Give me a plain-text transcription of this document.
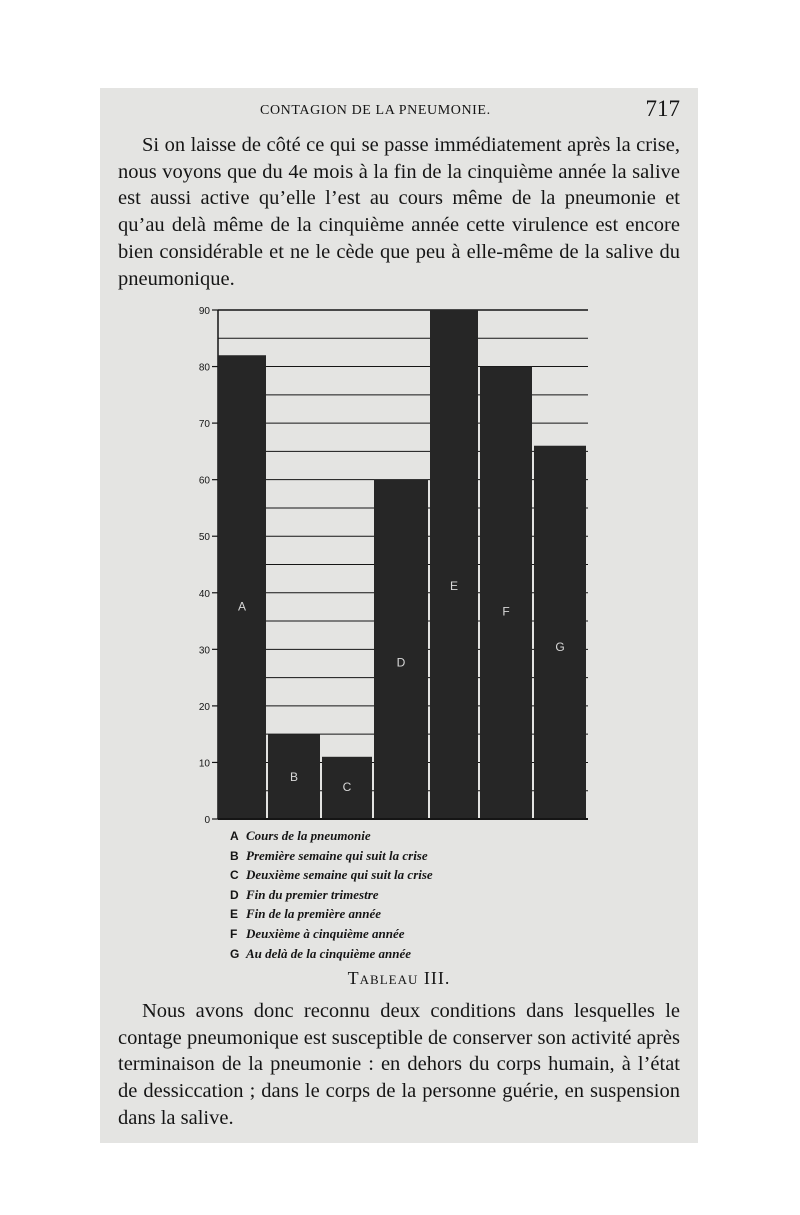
CONTAGION DE LA PNEUMONIE.	717

Si on laisse de côté ce qui se passe immédiatement après la crise, nous voyons que du 4e mois à la fin de la cinquième année la salive est aussi active qu’elle l’est au cours même de la pneumonie et qu’au delà même de la cinquième année cette virulence est encore bien considérable et ne le cède que peu à elle-même de la salive du pneumonique.

0
10
20
30
40
50
60
70
80
90
A
B
C
D
E
F
G
A Cours de la pneumonie
B Première semaine qui suit la crise
C Deuxième semaine qui suit la crise
D Fin du premier trimestre
E Fin de la première année
F Deuxième à cinquième année
G Au delà de la cinquième année
Tableau III.

Nous avons donc reconnu deux conditions dans lesquelles le contage pneumonique est susceptible de conserver son activité après terminaison de la pneumonie : en dehors du corps humain, à l’état de dessiccation ; dans le corps de la personne guérie, en suspension dans la salive.
